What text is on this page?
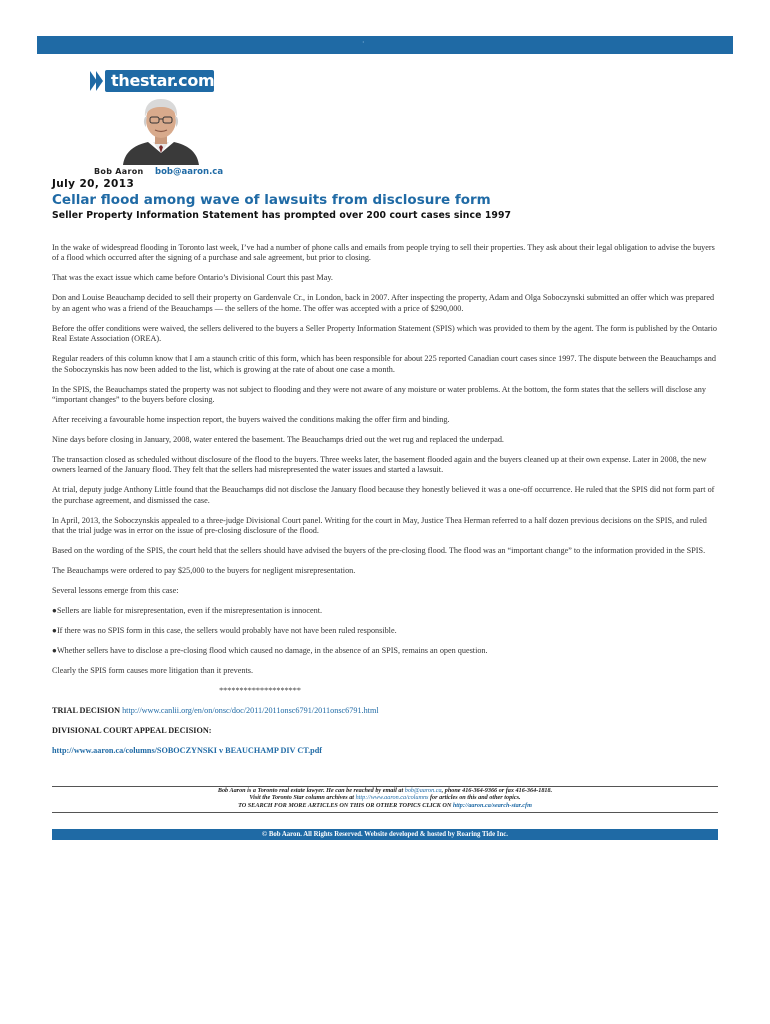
·
thestar.com
Bob Aaron bob@aaron.ca
July 20, 2013
Cellar flood among wave of lawsuits from disclosure form
Seller Property Information Statement has prompted over 200 court cases since 1997

In the wake of widespread flooding in Toronto last week, I’ve had a number of phone calls and emails from people trying to sell their properties. They ask about their legal obligation to advise the buyers of a flood which occurred after the signing of a purchase and sale agreement, but prior to closing.

That was the exact issue which came before Ontario’s Divisional Court this past May.

Don and Louise Beauchamp decided to sell their property on Gardenvale Cr., in London, back in 2007. After inspecting the property, Adam and Olga Soboczynski submitted an offer which was prepared by an agent who was a friend of the Beauchamps — the sellers of the home. The offer was accepted with a price of $290,000.

Before the offer conditions were waived, the sellers delivered to the buyers a Seller Property Information Statement (SPIS) which was provided to them by the agent. The form is published by the Ontario Real Estate Association (OREA).

Regular readers of this column know that I am a staunch critic of this form, which has been responsible for about 225 reported Canadian court cases since 1997. The dispute between the Beauchamps and the Soboczynskis has now been added to the list, which is growing at the rate of about one case a month.

In the SPIS, the Beauchamps stated the property was not subject to flooding and they were not aware of any moisture or water problems. At the bottom, the form states that the sellers will disclose any “important changes” to the buyers before closing.

After receiving a favourable home inspection report, the buyers waived the conditions making the offer firm and binding.

Nine days before closing in January, 2008, water entered the basement. The Beauchamps dried out the wet rug and replaced the underpad.

The transaction closed as scheduled without disclosure of the flood to the buyers. Three weeks later, the basement flooded again and the buyers cleaned up at their own expense. Later in 2008, the new owners learned of the January flood. They felt that the sellers had misrepresented the water issues and started a lawsuit.

At trial, deputy judge Anthony Little found that the Beauchamps did not disclose the January flood because they honestly believed it was a one-off occurrence. He ruled that the SPIS did not form part of the purchase agreement, and dismissed the case.

In April, 2013, the Soboczynskis appealed to a three-judge Divisional Court panel. Writing for the court in May, Justice Thea Herman referred to a half dozen previous decisions on the SPIS, and ruled that the trial judge was in error on the issue of pre-closing disclosure of the flood.

Based on the wording of the SPIS, the court held that the sellers should have advised the buyers of the pre-closing flood. The flood was an “important change” to the information provided in the SPIS.

The Beauchamps were ordered to pay $25,000 to the buyers for negligent misrepresentation.

Several lessons emerge from this case:

●Sellers are liable for misrepresentation, even if the misrepresentation is innocent.

●If there was no SPIS form in this case, the sellers would probably have not have been ruled responsible.

●Whether sellers have to disclose a pre-closing flood which caused no damage, in the absence of an SPIS, remains an open question.

Clearly the SPIS form causes more litigation than it prevents.

********************

TRIAL DECISION http://www.canlii.org/en/on/onsc/doc/2011/2011onsc6791/2011onsc6791.html

DIVISIONAL COURT APPEAL DECISION:

http://www.aaron.ca/columns/SOBOCZYNSKI v BEAUCHAMP DIV CT.pdf

Bob Aaron is a Toronto real estate lawyer. He can be reached by email at bob@aaron.ca, phone 416-364-9366 or fax 416-364-1818.
Visit the Toronto Star column archives at http://www.aaron.ca/columns for articles on this and other topics.
TO SEARCH FOR MORE ARTICLES ON THIS OR OTHER TOPICS CLICK ON http://aaron.ca/search-star.cfm
© Bob Aaron. All Rights Reserved. Website developed & hosted by Roaring Tide Inc.
